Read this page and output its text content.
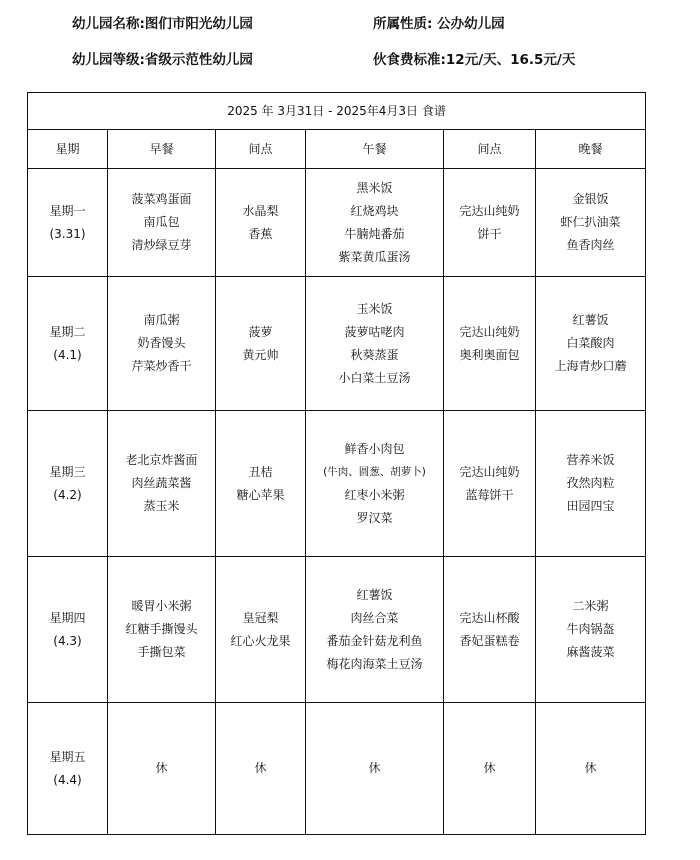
幼儿园名称:图们市阳光幼儿园	所属性质: 公办幼儿园
幼儿园等级:省级示范性幼儿园	伙食费标准:12元/天、16.5元/天
2025 年 3月31日 - 2025年4月3日 食谱					
星期	早餐	间点	午餐	间点	晚餐

星期一
(3.31)	菠菜鸡蛋面
南瓜包
清炒绿豆芽	水晶梨
香蕉	黑米饭
红烧鸡块
牛腩炖番茄
紫菜黄瓜蛋汤	完达山纯奶
饼干	金银饭
虾仁扒油菜
鱼香肉丝

星期二
(4.1)	南瓜粥
奶香馒头
芹菜炒香干	菠萝
黄元帅	玉米饭
菠萝咕咾肉
秋葵蒸蛋
小白菜土豆汤	完达山纯奶
奥利奥面包	红薯饭
白菜酸肉
上海青炒口蘑

星期三
(4.2)	老北京炸酱面
肉丝蔬菜酱
蒸玉米	丑桔
糖心苹果	鲜香小肉包
(牛肉、圆葱、胡萝卜)
红枣小米粥
罗汉菜	完达山纯奶
蓝莓饼干	营养米饭
孜然肉粒
田园四宝

星期四
(4.3)	暖胃小米粥
红糖手撕馒头
手撕包菜	皇冠梨
红心火龙果	红薯饭
肉丝合菜
番茄金针菇龙利鱼
梅花肉海菜土豆汤	完达山杯酸
香妃蛋糕卷	二米粥
牛肉锅盔
麻酱菠菜

星期五
(4.4)	休	休	休	休	休
